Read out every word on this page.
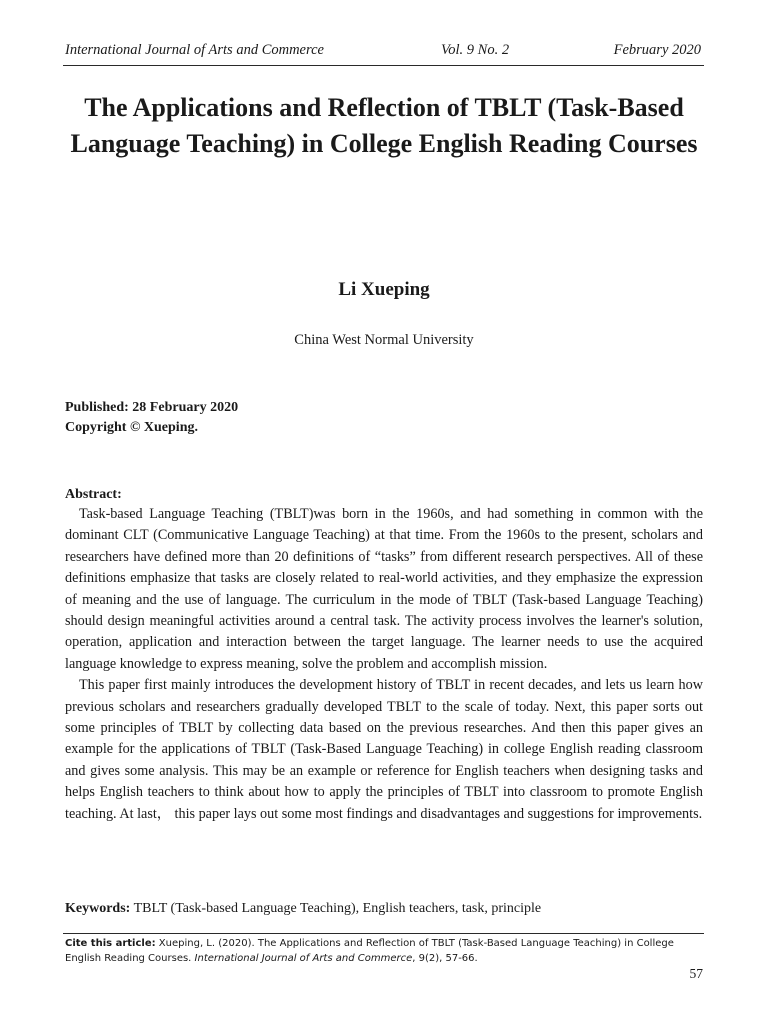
International Journal of Arts and Commerce	Vol. 9 No. 2	February 2020
The Applications and Reflection of TBLT (Task-Based Language Teaching) in College English Reading Courses
Li Xueping
China West Normal University
Published: 28 February 2020
Copyright © Xueping.
Abstract:

Task-based Language Teaching (TBLT)was born in the 1960s, and had something in common with the dominant CLT (Communicative Language Teaching) at that time. From the 1960s to the present, scholars and researchers have defined more than 20 definitions of “tasks” from different research perspectives. All of these definitions emphasize that tasks are closely related to real-world activities, and they emphasize the expression of meaning and the use of language. The curriculum in the mode of TBLT (Task-based Language Teaching) should design meaningful activities around a central task. The activity process involves the learner's solution, operation, application and interaction between the target language. The learner needs to use the acquired language knowledge to express meaning, solve the problem and accomplish mission.

This paper first mainly introduces the development history of TBLT in recent decades, and lets us learn how previous scholars and researchers gradually developed TBLT to the scale of today. Next, this paper sorts out some principles of TBLT by collecting data based on the previous researches. And then this paper gives an example for the applications of TBLT (Task-Based Language Teaching) in college English reading classroom and gives some analysis. This may be an example or reference for English teachers when designing tasks and helps English teachers to think about how to apply the principles of TBLT into classroom to promote English teaching. At last， this paper lays out some most findings and disadvantages and suggestions for improvements.

Keywords: TBLT (Task-based Language Teaching), English teachers, task, principle
Cite this article: Xueping, L. (2020). The Applications and Reflection of TBLT (Task-Based Language Teaching) in College English Reading Courses. International Journal of Arts and Commerce, 9(2), 57-66.
57
